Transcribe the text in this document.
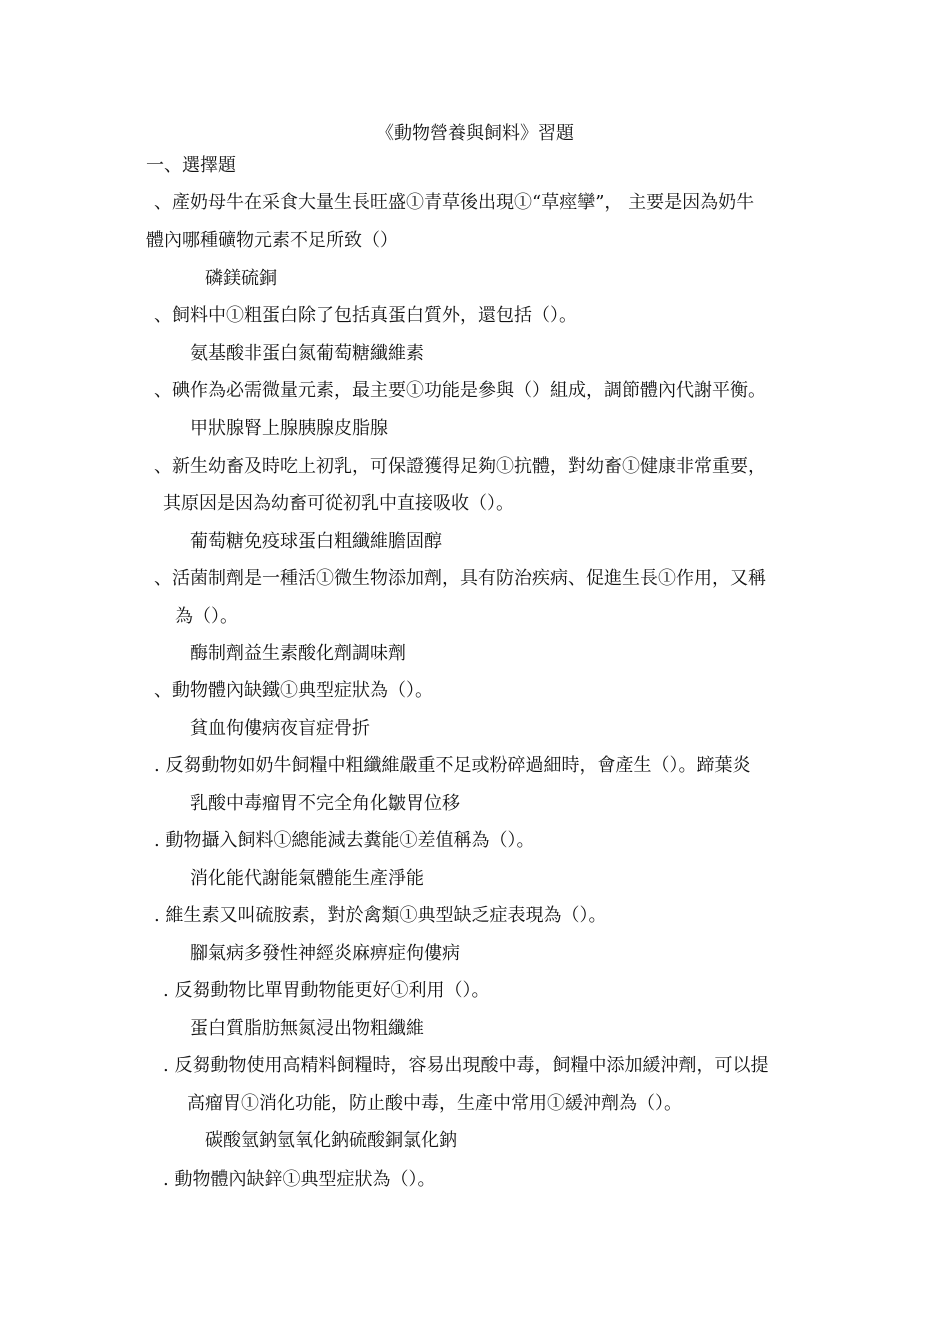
《動物營養與飼料》習題
一、選擇題
、產奶母牛在采食大量生長旺盛①青草後出現①“草痙攣”， 主要是因為奶牛
體內哪種礦物元素不足所致（）
磷鎂硫銅
、飼料中①粗蛋白除了包括真蛋白質外，還包括（）。
氨基酸非蛋白氮葡萄糖纖維素
、碘作為必需微量元素，最主要①功能是參與（）組成，調節體內代謝平衡。
甲狀腺腎上腺胰腺皮脂腺
、新生幼畜及時吃上初乳，可保證獲得足夠①抗體，對幼畜①健康非常重要，
其原因是因為幼畜可從初乳中直接吸收（）。
葡萄糖免疫球蛋白粗纖維膽固醇
、活菌制劑是一種活①微生物添加劑，具有防治疾病、促進生長①作用，又稱
為（）。
酶制劑益生素酸化劑調味劑
、動物體內缺鐵①典型症狀為（）。
貧血佝僂病夜盲症骨折
. 反芻動物如奶牛飼糧中粗纖維嚴重不足或粉碎過細時，會產生（）。蹄葉炎
乳酸中毒瘤胃不完全角化皺胃位移
. 動物攝入飼料①總能減去糞能①差值稱為（）。
消化能代謝能氣體能生產淨能
. 維生素又叫硫胺素，對於禽類①典型缺乏症表現為（）。
腳氣病多發性神經炎麻痹症佝僂病
. 反芻動物比單胃動物能更好①利用（）。
蛋白質脂肪無氮浸出物粗纖維
. 反芻動物使用高精料飼糧時，容易出現酸中毒，飼糧中添加緩沖劑，可以提
高瘤胃①消化功能，防止酸中毒，生產中常用①緩沖劑為（）。
碳酸氫鈉氫氧化鈉硫酸銅氯化鈉
. 動物體內缺鋅①典型症狀為（）。
